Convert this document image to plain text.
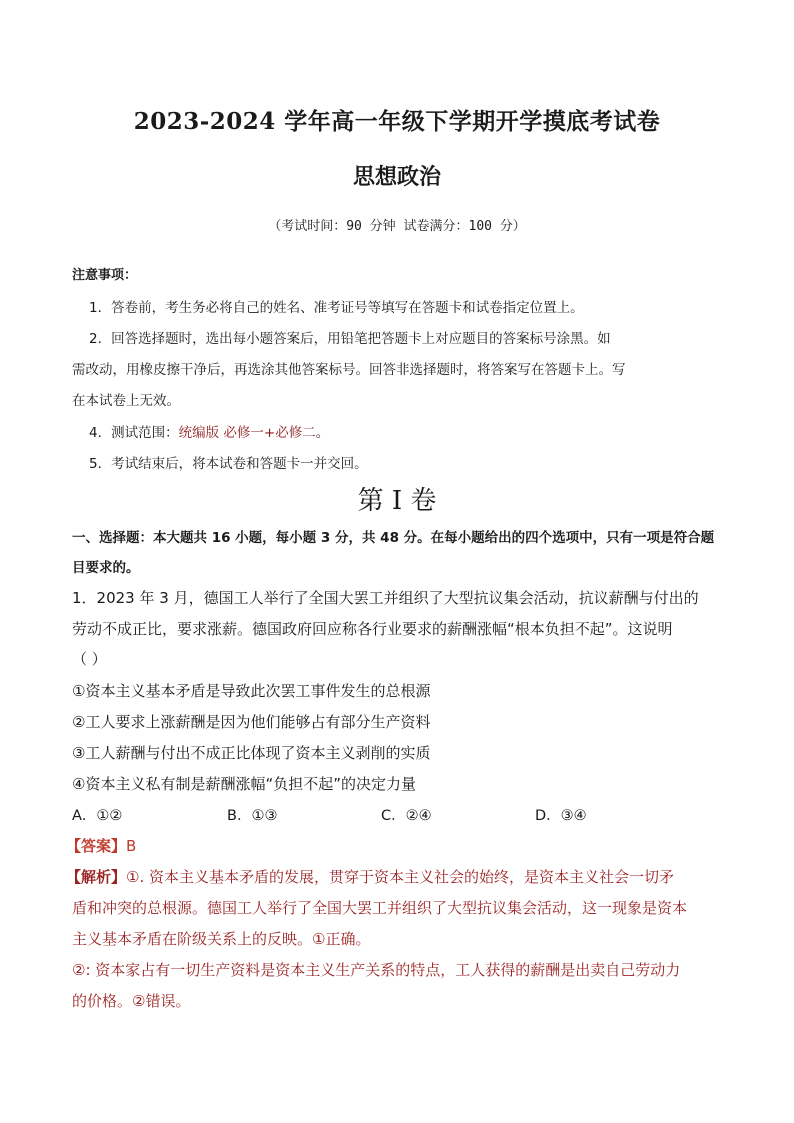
2023-2024 学年高一年级下学期开学摸底考试卷
思想政治
（考试时间：90 分钟 试卷满分：100 分）
注意事项：
1．答卷前，考生务必将自己的姓名、准考证号等填写在答题卡和试卷指定位置上。
2．回答选择题时，选出每小题答案后，用铅笔把答题卡上对应题目的答案标号涂黑。如
需改动，用橡皮擦干净后，再选涂其他答案标号。回答非选择题时，将答案写在答题卡上。写
在本试卷上无效。
4．测试范围：统编版 必修一+必修二。
5．考试结束后，将本试卷和答题卡一并交回。
第 I 卷
一、选择题：本大题共 16 小题，每小题 3 分，共 48 分。在每小题给出的四个选项中，只有一项是符合题
目要求的。
1．2023 年 3 月，德国工人举行了全国大罢工并组织了大型抗议集会活动，抗议薪酬与付出的
劳动不成正比，要求涨薪。德国政府回应称各行业要求的薪酬涨幅“根本负担不起”。这说明
（ ）
①资本主义基本矛盾是导致此次罢工事件发生的总根源
②工人要求上涨薪酬是因为他们能够占有部分生产资料
③工人薪酬与付出不成正比体现了资本主义剥削的实质
④资本主义私有制是薪酬涨幅“负担不起”的决定力量
A．①②	B．①③	C．②④	D．③④
【答案】B
【解析】①. 资本主义基本矛盾的发展，贯穿于资本主义社会的始终，是资本主义社会一切矛
盾和冲突的总根源。德国工人举行了全国大罢工并组织了大型抗议集会活动，这一现象是资本
主义基本矛盾在阶级关系上的反映。①正确。
②: 资本家占有一切生产资料是资本主义生产关系的特点，工人获得的薪酬是出卖自己劳动力
的价格。②错误。
